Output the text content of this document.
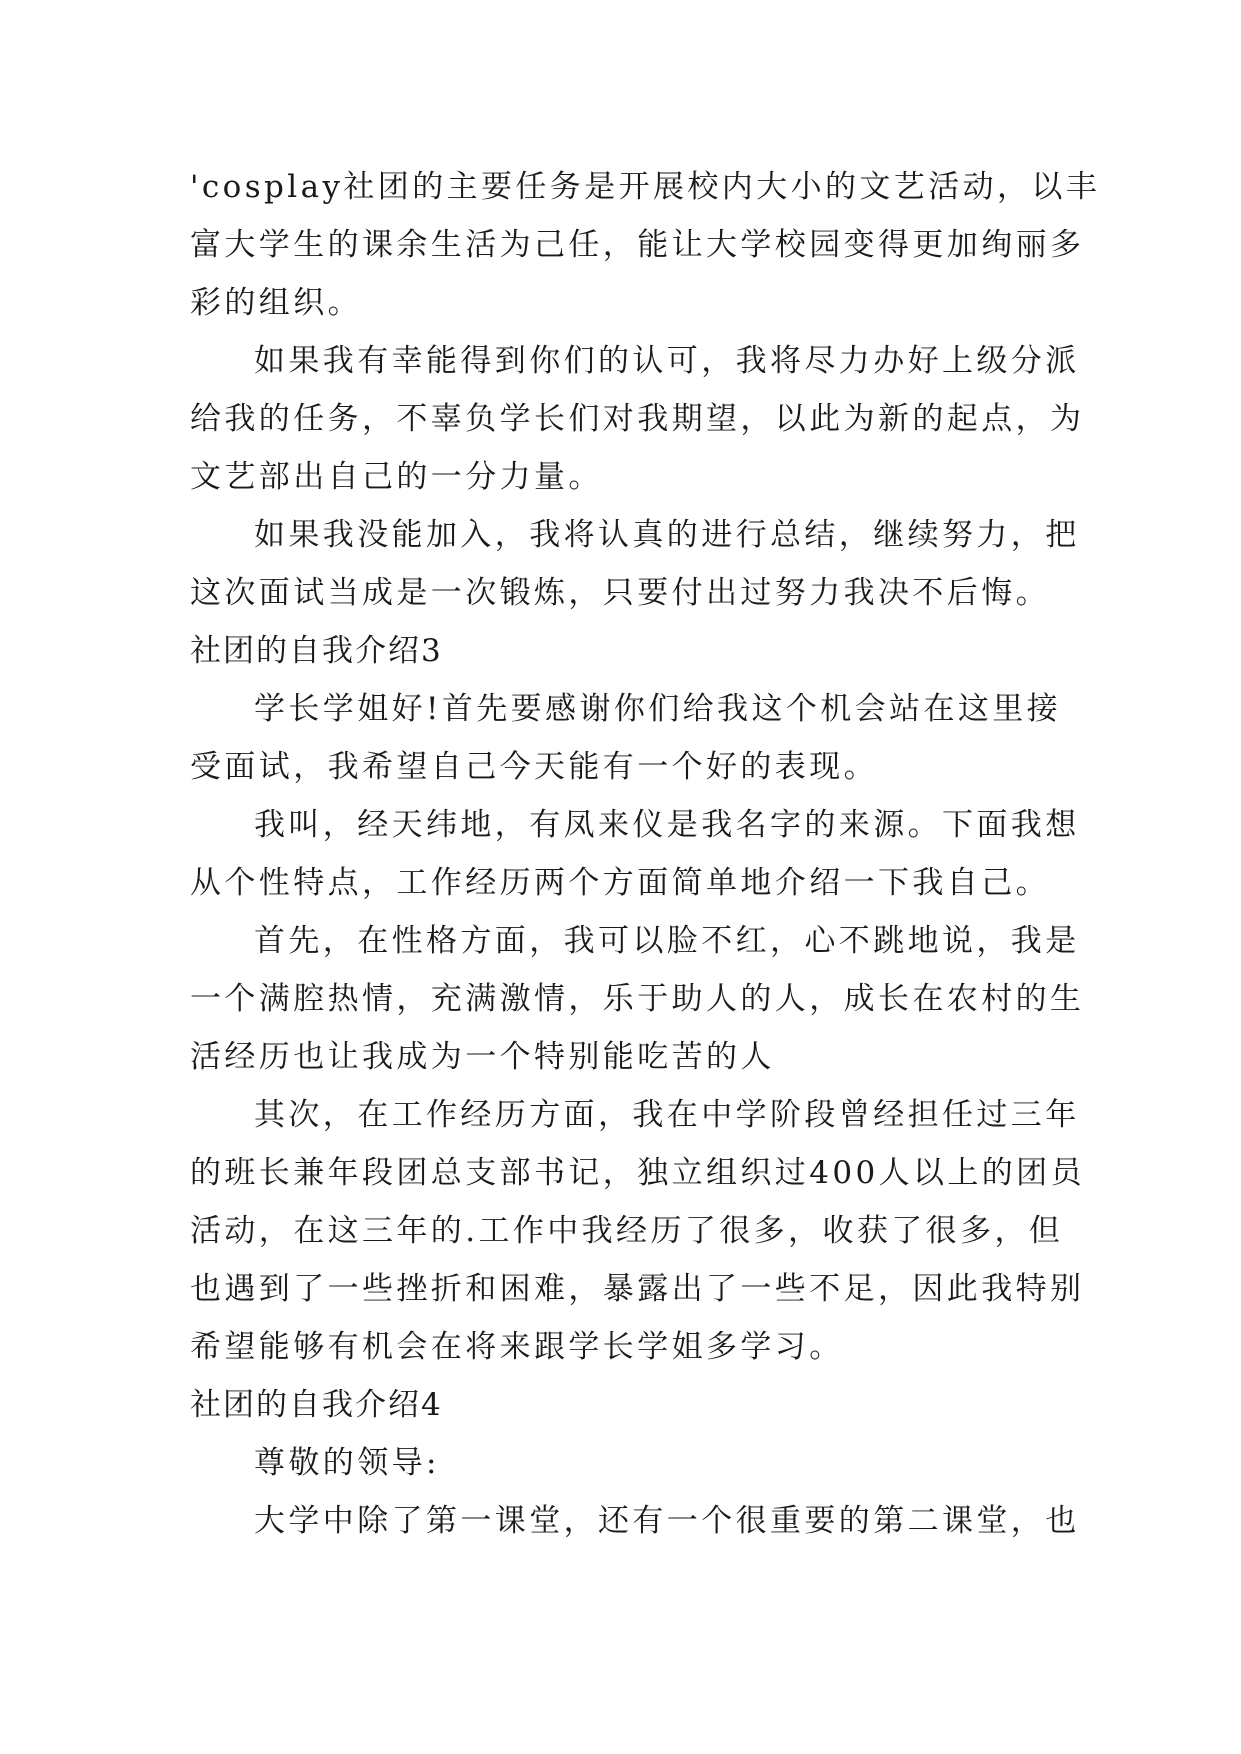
'cosplay社团的主要任务是开展校内大小的文艺活动，以丰
富大学生的课余生活为己任，能让大学校园变得更加绚丽多
彩的组织。
如果我有幸能得到你们的认可，我将尽力办好上级分派
给我的任务，不辜负学长们对我期望，以此为新的起点，为
文艺部出自己的一分力量。
如果我没能加入，我将认真的进行总结，继续努力，把
这次面试当成是一次锻炼，只要付出过努力我决不后悔。
社团的自我介绍3
学长学姐好!首先要感谢你们给我这个机会站在这里接
受面试，我希望自己今天能有一个好的表现。
我叫，经天纬地，有凤来仪是我名字的来源。下面我想
从个性特点，工作经历两个方面简单地介绍一下我自己。
首先，在性格方面，我可以脸不红，心不跳地说，我是
一个满腔热情，充满激情，乐于助人的人，成长在农村的生
活经历也让我成为一个特别能吃苦的人
其次，在工作经历方面，我在中学阶段曾经担任过三年
的班长兼年段团总支部书记，独立组织过400人以上的团员
活动，在这三年的.工作中我经历了很多，收获了很多，但
也遇到了一些挫折和困难，暴露出了一些不足，因此我特别
希望能够有机会在将来跟学长学姐多学习。
社团的自我介绍4
尊敬的领导:
大学中除了第一课堂，还有一个很重要的第二课堂，也
